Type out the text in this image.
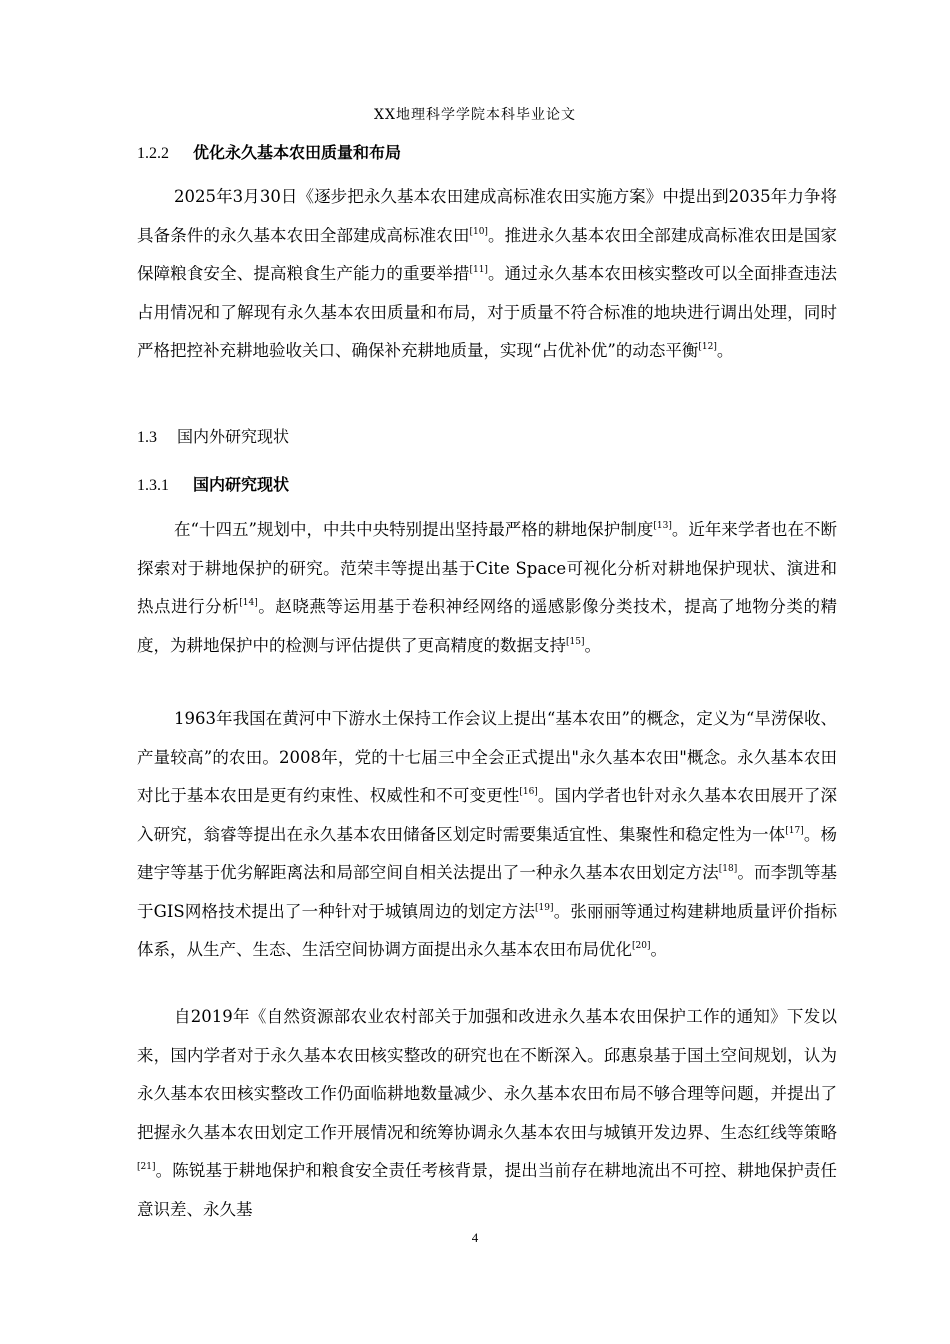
XX地理科学学院本科毕业论文
1.2.2 优化永久基本农田质量和布局
2025年3月30日《逐步把永久基本农田建成高标准农田实施方案》中提出到2035年力争将具备条件的永久基本农田全部建成高标准农田[10]。推进永久基本农田全部建成高标准农田是国家保障粮食安全、提高粮食生产能力的重要举措[11]。通过永久基本农田核实整改可以全面排查违法占用情况和了解现有永久基本农田质量和布局，对于质量不符合标准的地块进行调出处理，同时严格把控补充耕地验收关口、确保补充耕地质量，实现“占优补优”的动态平衡[12]。
1.3 国内外研究现状
1.3.1 国内研究现状
在“十四五”规划中，中共中央特别提出坚持最严格的耕地保护制度[13]。近年来学者也在不断探索对于耕地保护的研究。范荣丰等提出基于Cite Space可视化分析对耕地保护现状、演进和热点进行分析[14]。赵晓燕等运用基于卷积神经网络的遥感影像分类技术，提高了地物分类的精度，为耕地保护中的检测与评估提供了更高精度的数据支持[15]。
1963年我国在黄河中下游水土保持工作会议上提出“基本农田”的概念，定义为“旱涝保收、产量较高”的农田。2008年，党的十七届三中全会正式提出"永久基本农田"概念。永久基本农田对比于基本农田是更有约束性、权威性和不可变更性[16]。国内学者也针对永久基本农田展开了深入研究，翁睿等提出在永久基本农田储备区划定时需要集适宜性、集聚性和稳定性为一体[17]。杨建宇等基于优劣解距离法和局部空间自相关法提出了一种永久基本农田划定方法[18]。而李凯等基于GIS网格技术提出了一种针对于城镇周边的划定方法[19]。张丽丽等通过构建耕地质量评价指标体系，从生产、生态、生活空间协调方面提出永久基本农田布局优化[20]。
自2019年《自然资源部农业农村部关于加强和改进永久基本农田保护工作的通知》下发以来，国内学者对于永久基本农田核实整改的研究也在不断深入。邱惠泉基于国土空间规划，认为永久基本农田核实整改工作仍面临耕地数量减少、永久基本农田布局不够合理等问题，并提出了把握永久基本农田划定工作开展情况和统筹协调永久基本农田与城镇开发边界、生态红线等策略[21]。陈锐基于耕地保护和粮食安全责任考核背景，提出当前存在耕地流出不可控、耕地保护责任意识差、永久基
4
